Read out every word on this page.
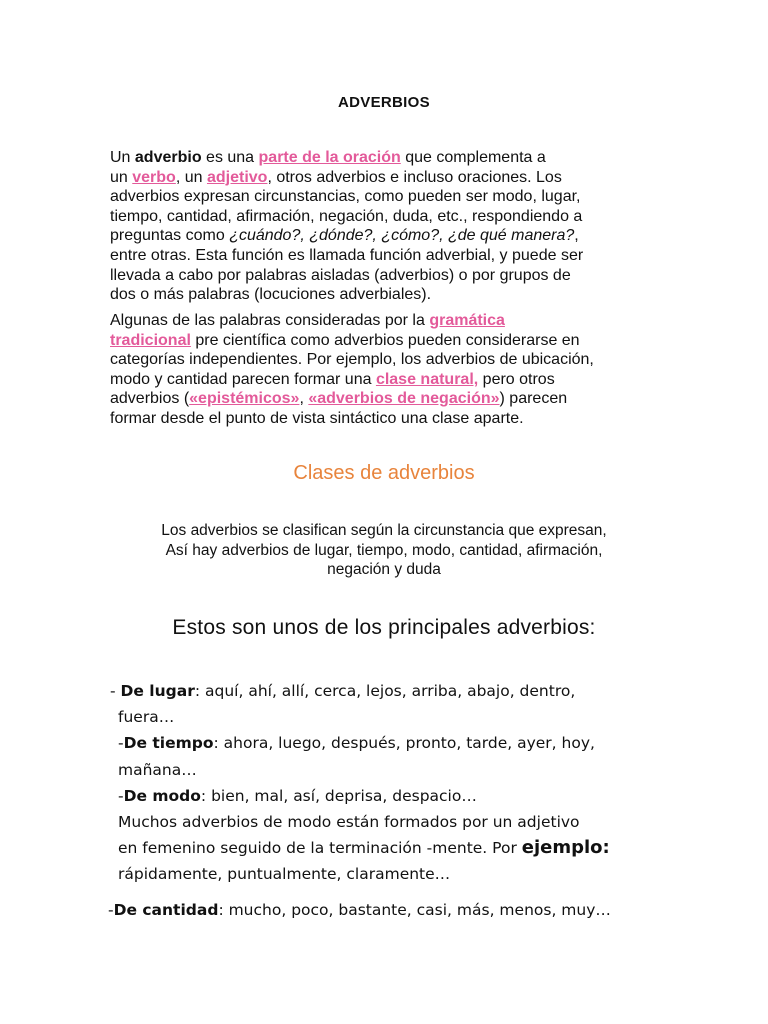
ADVERBIOS
Un adverbio es una parte de la oración que complementa a
un verbo, un adjetivo, otros adverbios e incluso oraciones. Los
adverbios expresan circunstancias, como pueden ser modo, lugar,
tiempo, cantidad, afirmación, negación, duda, etc., respondiendo a
preguntas como ¿cuándo?, ¿dónde?, ¿cómo?, ¿de qué manera?,
entre otras. Esta función es llamada función adverbial, y puede ser
llevada a cabo por palabras aisladas (adverbios) o por grupos de
dos o más palabras (locuciones adverbiales).
Algunas de las palabras consideradas por la gramática
tradicional pre científica como adverbios pueden considerarse en
categorías independientes. Por ejemplo, los adverbios de ubicación,
modo y cantidad parecen formar una clase natural, pero otros
adverbios («epistémicos», «adverbios de negación») parecen
formar desde el punto de vista sintáctico una clase aparte.
Clases de adverbios
Los adverbios se clasifican según la circunstancia que expresan,
Así hay adverbios de lugar, tiempo, modo, cantidad, afirmación,
negación y duda
Estos son unos de los principales adverbios:
- De lugar: aquí, ahí, allí, cerca, lejos, arriba, abajo, dentro,
fuera…
-De tiempo: ahora, luego, después, pronto, tarde, ayer, hoy,
mañana…
-De modo: bien, mal, así, deprisa, despacio…
Muchos adverbios de modo están formados por un adjetivo
en femenino seguido de la terminación -mente. Por ejemplo:
rápidamente, puntualmente, claramente…
-De cantidad: mucho, poco, bastante, casi, más, menos, muy…
